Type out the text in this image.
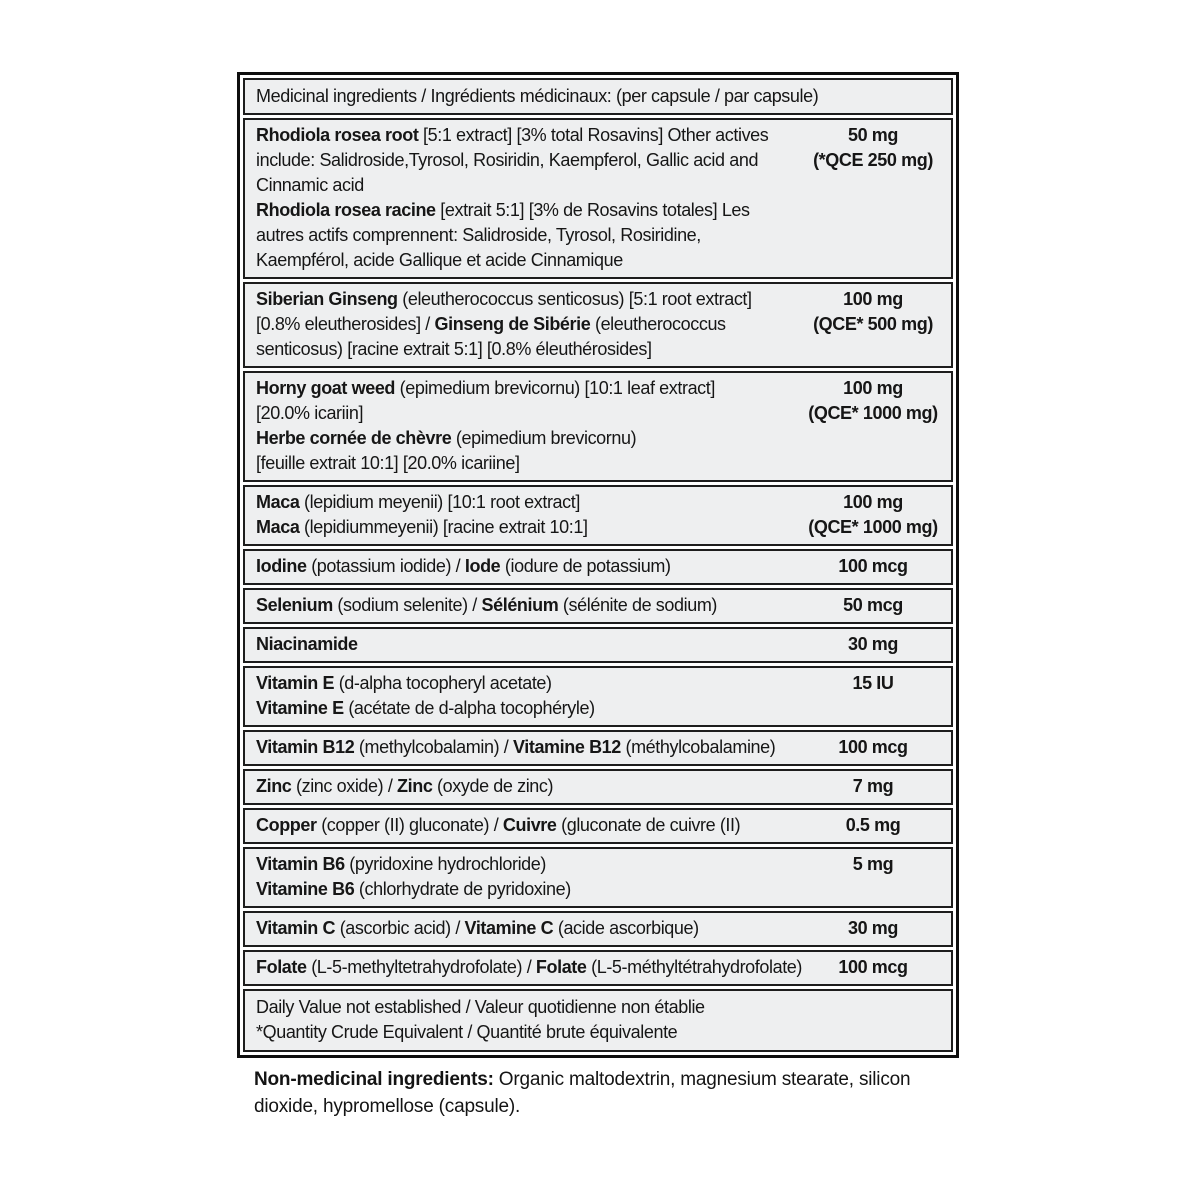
Medicinal ingredients / Ingrédients médicinaux: (per capsule / par capsule)
Rhodiola rosea root [5:1 extract] [3% total Rosavins] Other actives
include: Salidroside,Tyrosol, Rosiridin, Kaempferol, Gallic acid and
Cinnamic acid
Rhodiola rosea racine [extrait 5:1] [3% de Rosavins totales] Les
autres actifs comprennent: Salidroside, Tyrosol, Rosiridine,
Kaempférol, acide Gallique et acide Cinnamique
50 mg
(*QCE 250 mg)
Siberian Ginseng (eleutherococcus senticosus) [5:1 root extract]
[0.8% eleutherosides] / Ginseng de Sibérie (eleutherococcus
senticosus) [racine extrait 5:1] [0.8% éleuthérosides]
100 mg
(QCE* 500 mg)
Horny goat weed (epimedium brevicornu) [10:1 leaf extract]
[20.0% icariin]
Herbe cornée de chèvre (epimedium brevicornu)
[feuille extrait 10:1] [20.0% icariine]
100 mg
(QCE* 1000 mg)
Maca (lepidium meyenii) [10:1 root extract]
Maca (lepidiummeyenii) [racine extrait 10:1]
100 mg
(QCE* 1000 mg)
Iodine (potassium iodide) / Iode (iodure de potassium)	100 mcg
Selenium (sodium selenite) / Sélénium (sélénite de sodium)	50 mcg
Niacinamide	30 mg
Vitamin E (d-alpha tocopheryl acetate)
Vitamine E (acétate de d-alpha tocophéryle)
15 IU
Vitamin B12 (methylcobalamin) / Vitamine B12 (méthylcobalamine)	100 mcg
Zinc (zinc oxide) / Zinc (oxyde de zinc)	7 mg
Copper (copper (II) gluconate) / Cuivre (gluconate de cuivre (II)	0.5 mg
Vitamin B6 (pyridoxine hydrochloride)
Vitamine B6 (chlorhydrate de pyridoxine)
5 mg
Vitamin C (ascorbic acid) / Vitamine C (acide ascorbique)	30 mg
Folate (L-5-methyltetrahydrofolate) / Folate (L-5-méthyltétrahydrofolate)	100 mcg
Daily Value not established / Valeur quotidienne non établie
*Quantity Crude Equivalent / Quantité brute équivalente

Non-medicinal ingredients: Organic maltodextrin, magnesium stearate, silicon dioxide, hypromellose (capsule).
